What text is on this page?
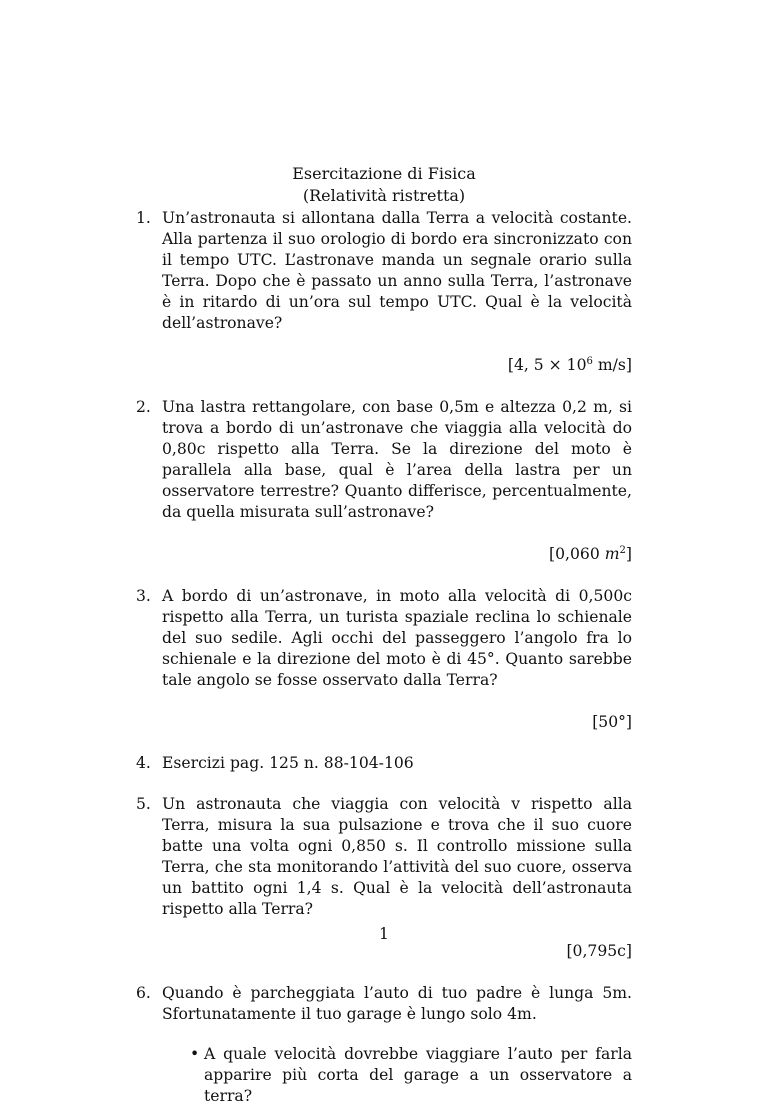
Esercitazione di Fisica
(Relatività ristretta)
1. Un’astronauta si allontana dalla Terra a velocità costante. Alla partenza il suo orologio di bordo era sincronizzato con il tempo UTC. L’astronave manda un segnale orario sulla Terra. Dopo che è passato un anno sulla Terra, l’astronave è in ritardo di un’ora sul tempo UTC. Qual è la velocità dell’astronave?
[4, $5 \times 10^6$ m/s]
2. Una lastra rettangolare, con base 0,5m e altezza 0,2 m, si trova a bordo di un’astronave che viaggia alla velocità do 0,80c rispetto alla Terra. Se la direzione del moto è parallela alla base, qual è l’area della lastra per un osservatore terrestre? Quanto differisce, percentualmente, da quella misurata sull’astronave?
[0,060 $m^2$]
3. A bordo di un’astronave, in moto alla velocità di 0,500c rispetto alla Terra, un turista spaziale reclina lo schienale del suo sedile. Agli occhi del passeggero l’angolo fra lo schienale e la direzione del moto è di 45°. Quanto sarebbe tale angolo se fosse osservato dalla Terra?
[50°]
4. Esercizi pag. 125 n. 88-104-106
5. Un astronauta che viaggia con velocità v rispetto alla Terra, misura la sua pulsazione e trova che il suo cuore batte una volta ogni 0,850 s. Il controllo missione sulla Terra, che sta monitorando l’attività del suo cuore, osserva un battito ogni 1,4 s. Qual è la velocità dell’astronauta rispetto alla Terra?
[0,795c]
6. Quando è parcheggiata l’auto di tuo padre è lunga 5m. Sfortunatamente il tuo garage è lungo solo 4m.
• A quale velocità dovrebbe viaggiare l’auto per farla apparire più corta del garage a un osservatore a terra?
1
